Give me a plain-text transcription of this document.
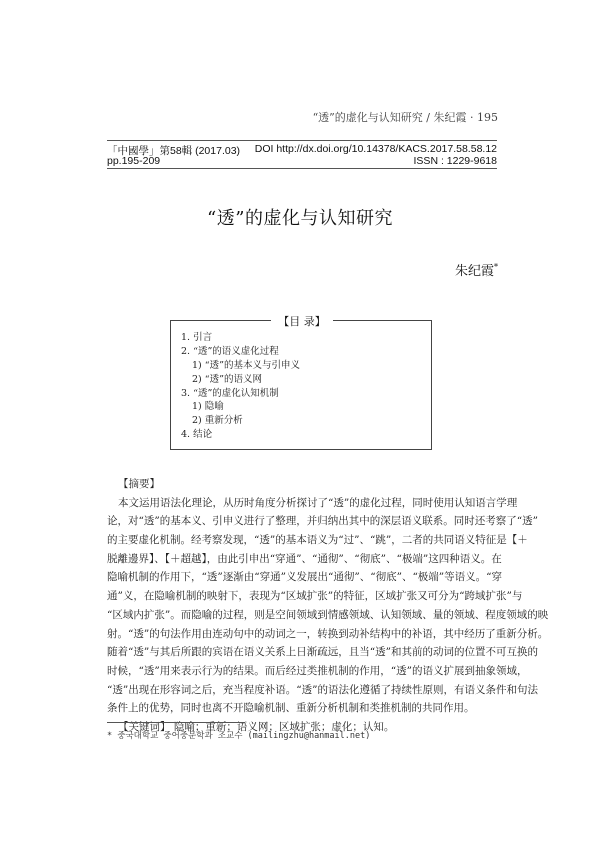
“透”的虚化与认知研究 / 朱纪霞 · 195
「中國學」第58輯 (2017.03) DOI http://dx.doi.org/10.14378/KACS.2017.58.58.12
pp.195-209	ISSN : 1229-9618
“透”的虚化与认知研究
朱纪霞*
【目 录】
1. 引言
2. “透”的语义虚化过程
1) “透”的基本义与引申义
2) “透”的语义网
3. “透”的虚化认知机制
1) 隐喻
2) 重新分析
4. 结论
【摘要】
本文运用语法化理论，从历时角度分析探讨了“透”的虚化过程，同时使用认知语言学理
论，对“透”的基本义、引申义进行了整理，并归纳出其中的深层语义联系。同时还考察了“透”
的主要虚化机制。经考察发现，“透”的基本语义为“过”、“跳”，二者的共同语义特征是【＋
脱離邊界】、【＋超越】，由此引申出“穿通”、“通彻”、“彻底”、“极端”这四种语义。在
隐喻机制的作用下，“透”逐渐由“穿通”义发展出“通彻”、“彻底”、“极端”等语义。“穿
通”义，在隐喻机制的映射下，表现为“区域扩张”的特征，区域扩张又可分为“跨域扩张”与
“区域内扩张”。而隐喻的过程，则是空间领域到情感领域、认知领域、量的领域、程度领域的映
射。“透”的句法作用由连动句中的动词之一，转换到动补结构中的补语，其中经历了重新分析。
随着“透”与其后所跟的宾语在语义关系上日渐疏远，且当“透”和其前的动词的位置不可互换的
时候，“透”用来表示行为的结果。而后经过类推机制的作用，“透”的语义扩展到抽象领域，
“透”出现在形容词之后，充当程度补语。“透”的语法化遵循了持续性原则，有语义条件和句法
条件上的优势，同时也离不开隐喻机制、重新分析机制和类推机制的共同作用。
【关键词】 隐喻；重新；语义网；区域扩张；虚化；认知。
* 중국대학교 중어중문학과 조교수 (mailingzhu@hanmail.net)
